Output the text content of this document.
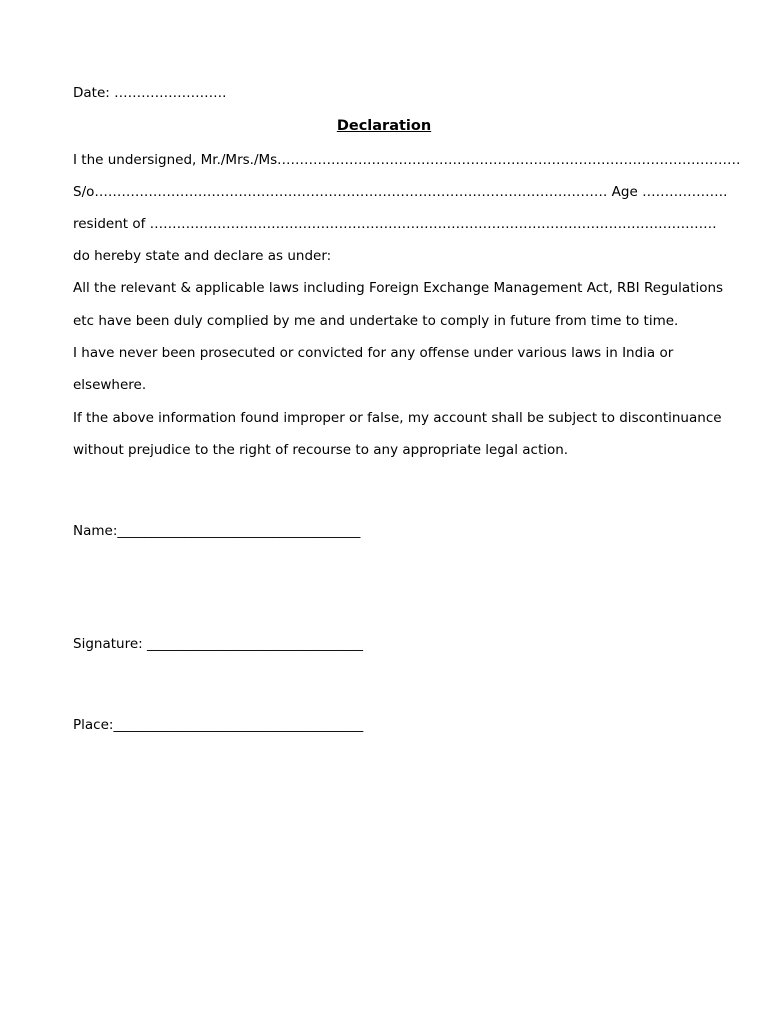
Date: …………………….
Declaration
I the undersigned, Mr./Mrs./Ms.…………………………………………………………………………………………
S/o…………………………………………………………………………………………………… Age ……………….
resident of ………………………………………………………………………………………………………………
do hereby state and declare as under:
All the relevant & applicable laws including Foreign Exchange Management Act, RBI Regulations
etc have been duly complied by me and undertake to comply in future from time to time.
I have never been prosecuted or convicted for any offense under various laws in India or
elsewhere.
If the above information found improper or false, my account shall be subject to discontinuance
without prejudice to the right of recourse to any appropriate legal action.
Name:____________________________________
Signature: ________________________________
Place:_____________________________________
